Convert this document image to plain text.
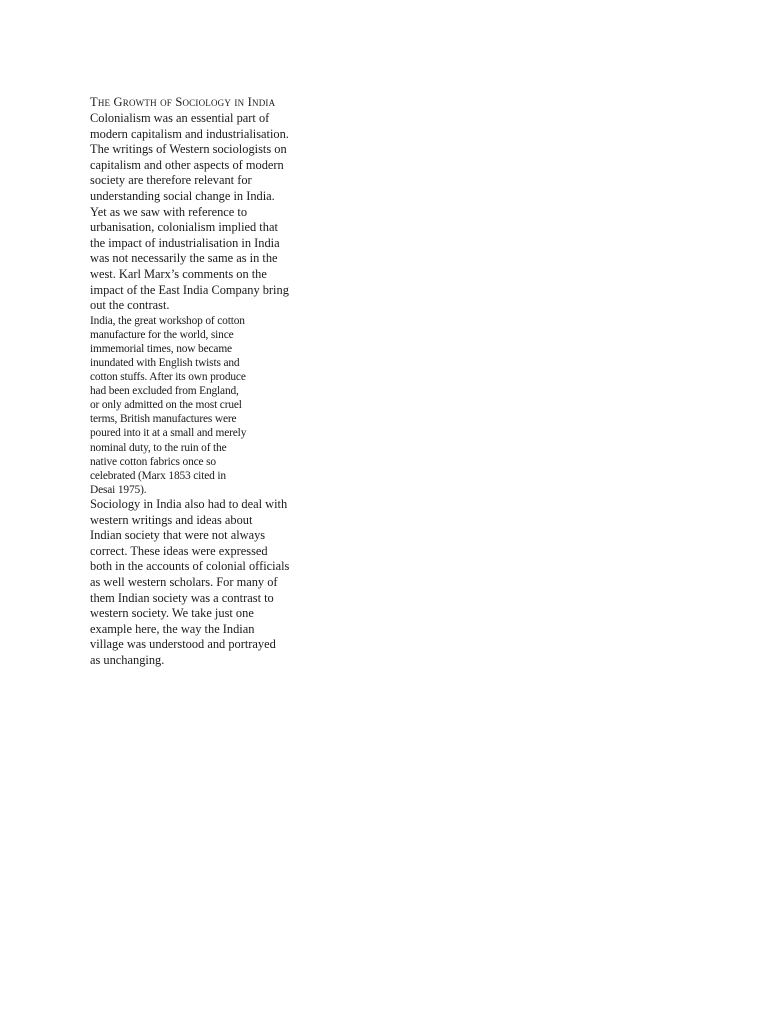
The Growth of Sociology in India
Colonialism was an essential part of
modern capitalism and industrialisation.
The writings of Western sociologists on
capitalism and other aspects of modern
society are therefore relevant for
understanding social change in India.
Yet as we saw with reference to
urbanisation, colonialism implied that
the impact of industrialisation in India
was not necessarily the same as in the
west. Karl Marx’s comments on the
impact of the East India Company bring
out the contrast.
India, the great workshop of cotton
manufacture for the world, since
immemorial times, now became
inundated with English twists and
cotton stuffs. After its own produce
had been excluded from England,
or only admitted on the most cruel
terms, British manufactures were
poured into it at a small and merely
nominal duty, to the ruin of the
native cotton fabrics once so
celebrated (Marx 1853 cited in
Desai 1975).
Sociology in India also had to deal with
western writings and ideas about
Indian society that were not always
correct. These ideas were expressed
both in the accounts of colonial officials
as well western scholars. For many of
them Indian society was a contrast to
western society. We take just one
example here, the way the Indian
village was understood and portrayed
as unchanging.
